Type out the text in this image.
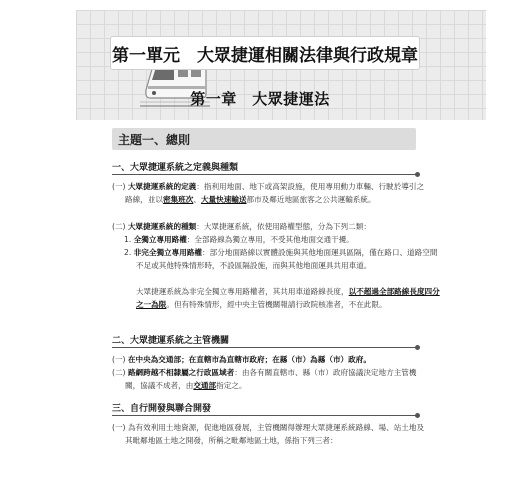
第一單元　大眾捷運相關法律與行政規章
第一章　大眾捷運法
主題一、總則
一、大眾捷運系統之定義與種類
(一) 大眾捷運系統的定義：指利用地面、地下或高架設施，使用專用動力車輛、行駛於導引之路線，並以密集班次、大量快速輸送都市及鄰近地區旅客之公共運輸系統。
(二) 大眾捷運系統的種類：大眾捷運系統，依使用路權型態，分為下列二類：
1. 全獨立專用路權：全部路線為獨立專用，不受其他地面交通干擾。
2. 非完全獨立專用路權：部分地面路線以實體設施與其他地面運具區隔，僅在路口、道路空間不足或其他特殊情形時，不設區隔設施，而與其他地面運具共用車道。
大眾捷運系統為非完全獨立專用路權者，其共用車道路線長度，以不超過全部路線長度四分之一為限。但有特殊情形，經中央主管機關報請行政院核准者，不在此限。
二、大眾捷運系統之主管機關
(一) 在中央為交通部；在直轄市為直轄市政府；在縣（市）為縣（市）政府。
(二) 路網跨越不相隸屬之行政區域者：由各有關直轄市、縣（市）政府協議決定地方主管機關，協議不成者，由交通部指定之。
三、自行開發與聯合開發
(一) 為有效利用土地資源，促進地區發展，主管機關得辦理大眾捷運系統路線、場、站土地及其毗鄰地區土地之開發，所稱之毗鄰地區土地，係指下列三者：
